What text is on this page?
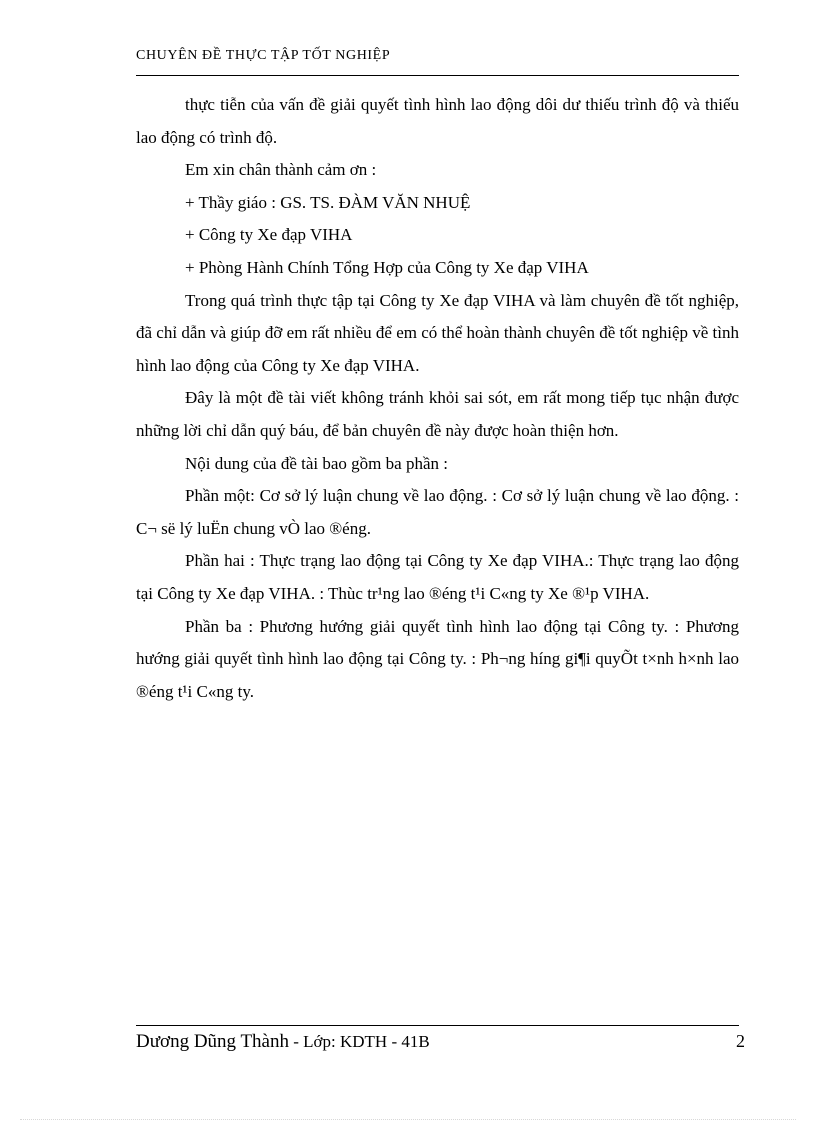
CHUYÊN ĐỀ THỰC TẬP TỐT NGHIỆP

thực tiễn của vấn đề giải quyết tình hình lao động dôi dư thiếu trình độ và thiếu lao động có trình độ.

Em xin chân thành cảm ơn :

+ Thầy giáo : GS. TS. ĐÀM VĂN NHUỆ

+ Công ty Xe đạp VIHA

+ Phòng Hành Chính Tổng Hợp của Công ty Xe đạp VIHA

Trong quá trình thực tập tại Công ty Xe đạp VIHA và làm chuyên đề tốt nghiệp, đã chỉ dẫn và giúp đỡ em rất nhiều để em có thể hoàn thành chuyên đề tốt nghiệp về tình hình lao động của Công ty Xe đạp VIHA.

Đây là một đề tài viết không tránh khỏi sai sót, em rất mong tiếp tục nhận được những lời chỉ dẫn quý báu, để bản chuyên đề này được hoàn thiện hơn.

Nội dung của đề tài bao gồm ba phần :

Phần một: Cơ sở lý luận chung về lao động. : Cơ sở lý luận chung về lao động. : C¬ së lý luËn chung vÒ lao ®éng.

Phần hai : Thực trạng lao động tại Công ty Xe đạp VIHA.: Thực trạng lao động tại Công ty Xe đạp VIHA. : Thùc tr¹ng lao ®éng t¹i C«ng ty Xe ®¹p VIHA.

Phần ba : Phương hướng giải quyết tình hình lao động tại Công ty. : Phương hướng giải quyết tình hình lao động tại Công ty. : Ph¬ng híng gi¶i quyÕt t×nh h×nh lao ®éng t¹i C«ng ty.

Dương Dũng Thành - Lớp: KDTH - 41B	2
